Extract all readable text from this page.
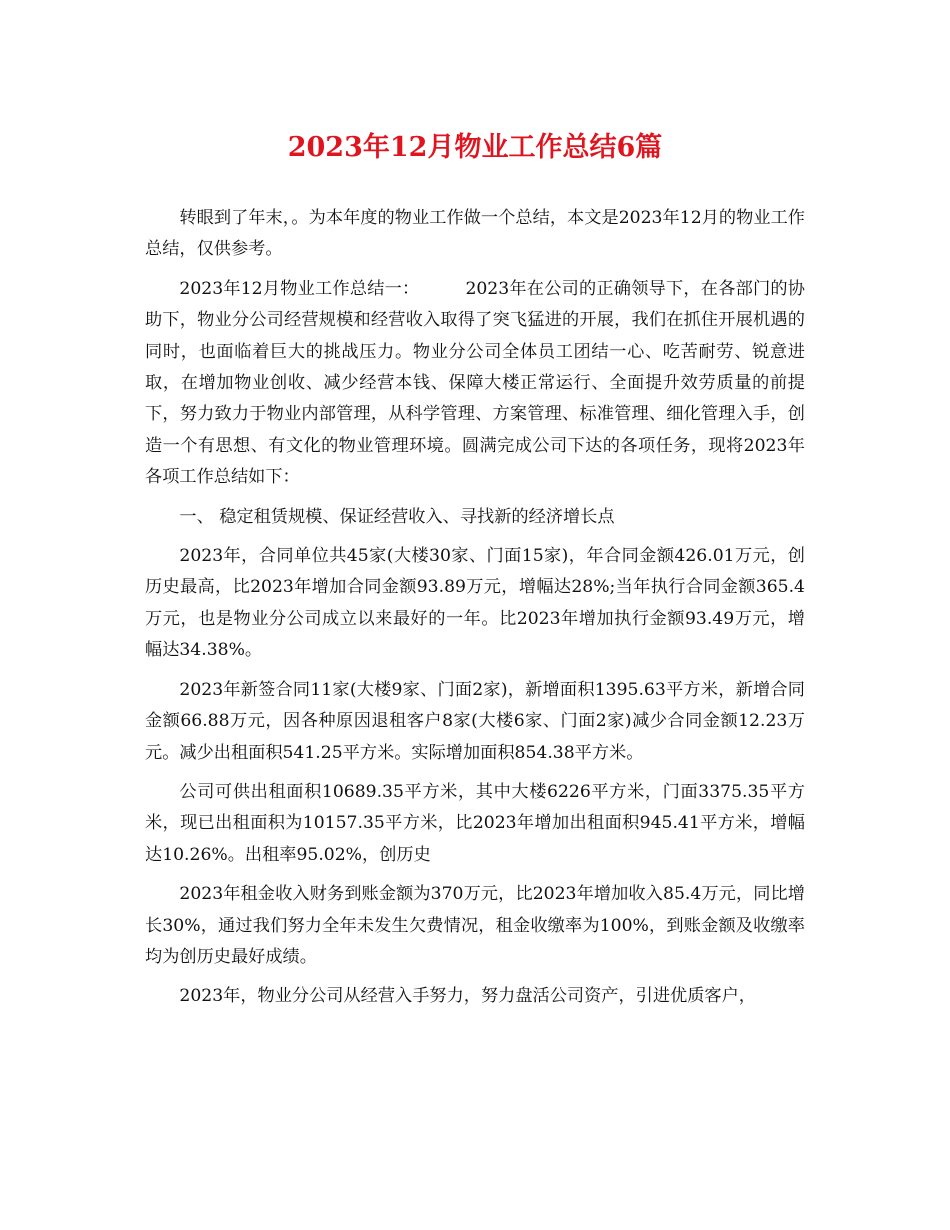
2023年12月物业工作总结6篇

转眼到了年末，。为本年度的物业工作做一个总结，本文是2023年12月的物业工作总结，仅供参考。

2023年12月物业工作总结一：	2023年在公司的正确领导下，在各部门的协助下，物业分公司经营规模和经营收入取得了突飞猛进的开展，我们在抓住开展机遇的同时，也面临着巨大的挑战压力。物业分公司全体员工团结一心、吃苦耐劳、锐意进取，在增加物业创收、减少经营本钱、保障大楼正常运行、全面提升效劳质量的前提下，努力致力于物业内部管理，从科学管理、方案管理、标准管理、细化管理入手，创造一个有思想、有文化的物业管理环境。圆满完成公司下达的各项任务，现将2023年各项工作总结如下：

一、 稳定租赁规模、保证经营收入、寻找新的经济增长点

2023年，合同单位共45家(大楼30家、门面15家)，年合同金额426.01万元，创历史最高，比2023年增加合同金额93.89万元，增幅达28%;当年执行合同金额365.4万元，也是物业分公司成立以来最好的一年。比2023年增加执行金额93.49万元，增幅达34.38%。

2023年新签合同11家(大楼9家、门面2家)，新增面积1395.63平方米，新增合同金额66.88万元，因各种原因退租客户8家(大楼6家、门面2家)减少合同金额12.23万元。减少出租面积541.25平方米。实际增加面积854.38平方米。

公司可供出租面积10689.35平方米，其中大楼6226平方米，门面3375.35平方米，现已出租面积为10157.35平方米，比2023年增加出租面积945.41平方米，增幅达10.26%。出租率95.02%，创历史

2023年租金收入财务到账金额为370万元，比2023年增加收入85.4万元，同比增长30%，通过我们努力全年未发生欠费情况，租金收缴率为100%，到账金额及收缴率均为创历史最好成绩。

2023年，物业分公司从经营入手努力，努力盘活公司资产，引进优质客户，
